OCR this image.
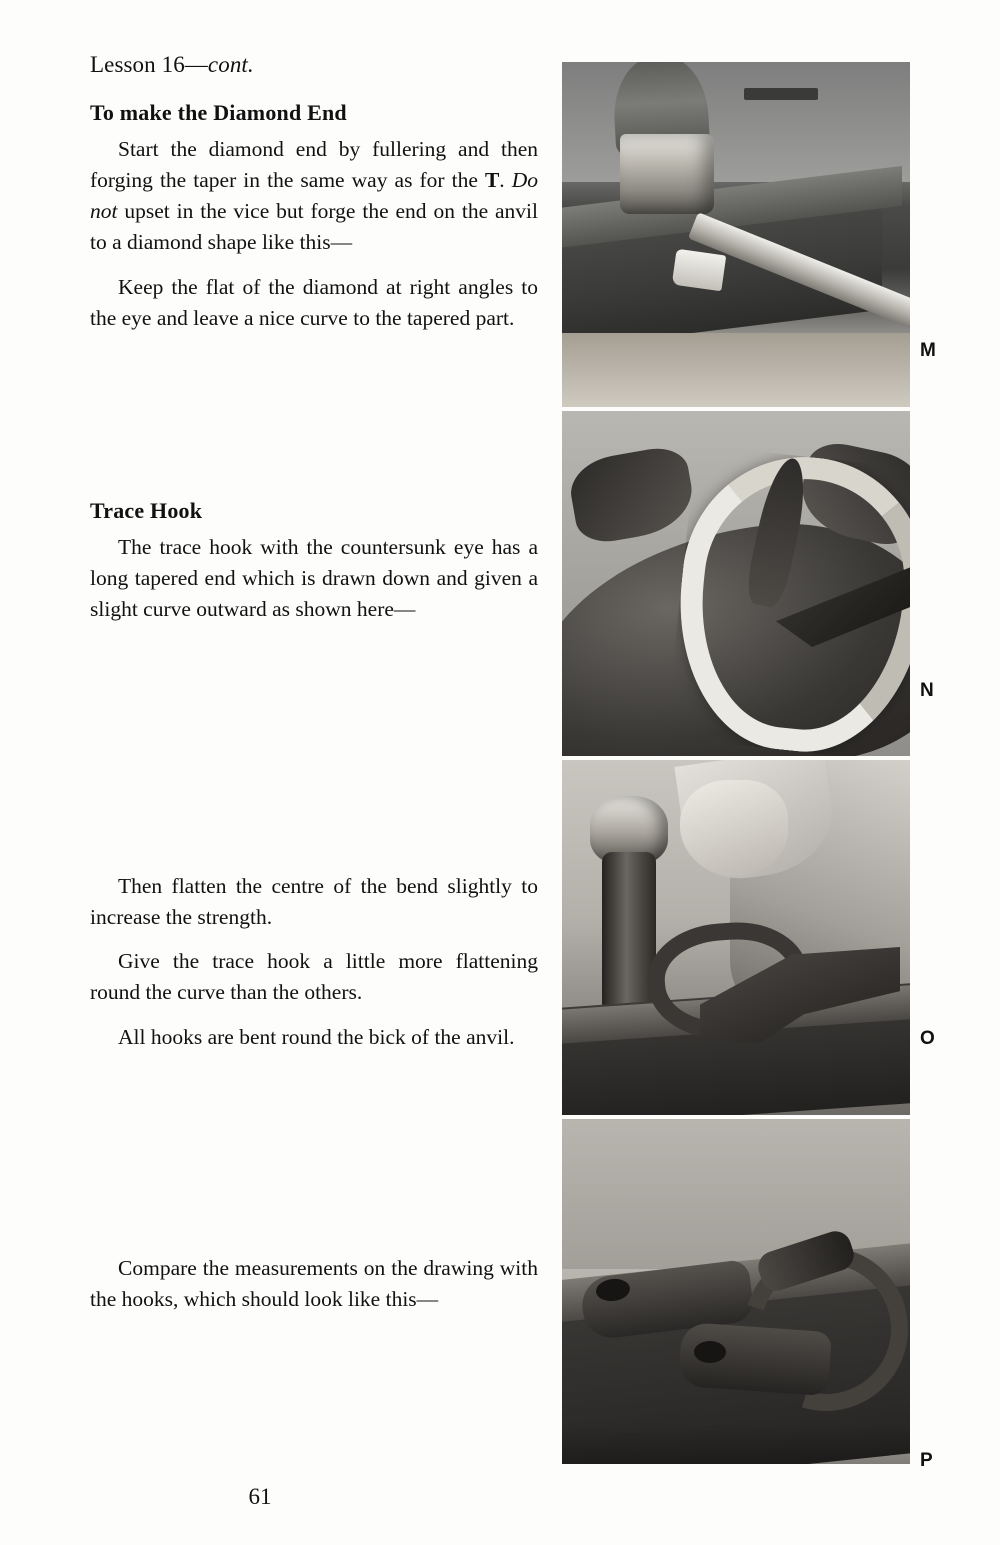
Lesson 16—cont.
To make the Diamond End

Start the diamond end by fullering and then forging the taper in the same way as for the T. Do not upset in the vice but forge the end on the anvil to a diamond shape like this—

Keep the flat of the diamond at right angles to the eye and leave a nice curve to the tapered part.

Trace Hook

The trace hook with the countersunk eye has a long tapered end which is drawn down and given a slight curve outward as shown here—

Then flatten the centre of the bend slightly to increase the strength.

Give the trace hook a little more flattening round the curve than the others.

All hooks are bent round the bick of the anvil.

Compare the measurements on the drawing with the hooks, which should look like this—

61
M
N
O
P
